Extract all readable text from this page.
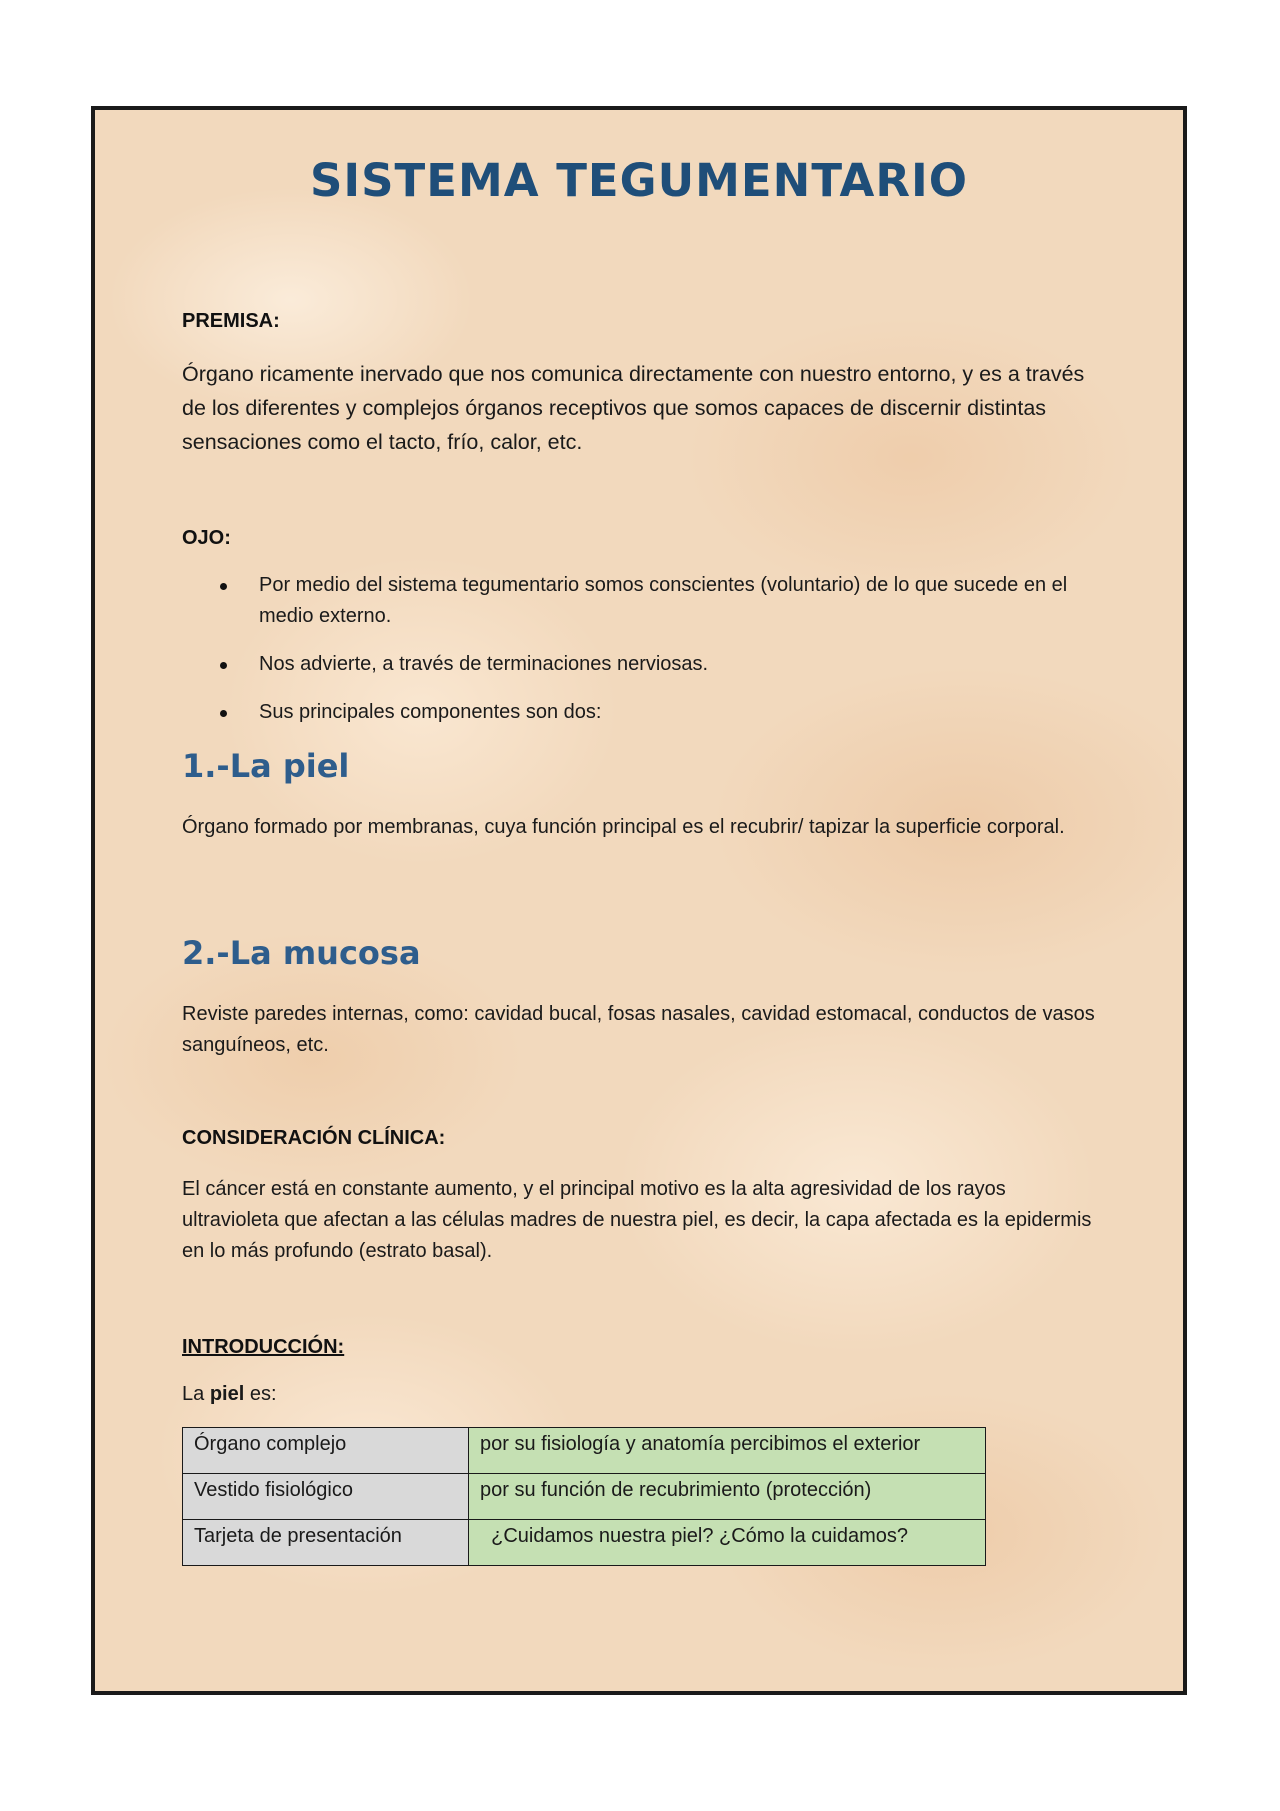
SISTEMA TEGUMENTARIO

PREMISA:

Órgano ricamente inervado que nos comunica directamente con nuestro entorno, y es a través de los diferentes y complejos órganos receptivos que somos capaces de discernir distintas sensaciones como el tacto, frío, calor, etc.

OJO:

Por medio del sistema tegumentario somos conscientes (voluntario) de lo que sucede en el medio externo.
Nos advierte, a través de terminaciones nerviosas.
Sus principales componentes son dos:
1.-La piel

Órgano formado por membranas, cuya función principal es el recubrir/ tapizar la superficie corporal.

2.-La mucosa

Reviste paredes internas, como: cavidad bucal, fosas nasales, cavidad estomacal, conductos de vasos sanguíneos, etc.

CONSIDERACIÓN CLÍNICA:

El cáncer está en constante aumento, y el principal motivo es la alta agresividad de los rayos ultravioleta que afectan a las células madres de nuestra piel, es decir, la capa afectada es la epidermis en lo más profundo (estrato basal).

INTRODUCCIÓN:

La piel es:

Órgano complejo	por su fisiología y anatomía percibimos el exterior
Vestido fisiológico	por su función de recubrimiento (protección)
Tarjeta de presentación	¿Cuidamos nuestra piel? ¿Cómo la cuidamos?
